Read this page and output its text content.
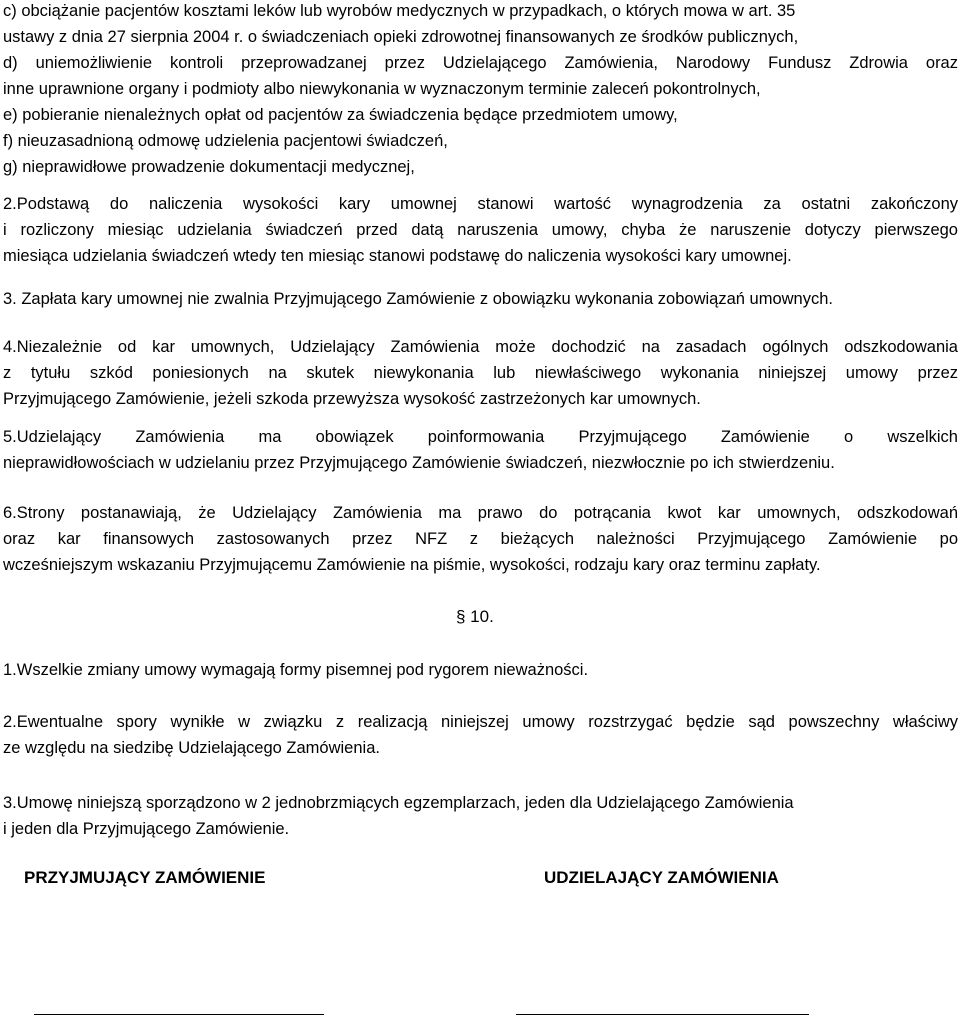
c) obciążanie pacjentów kosztami leków lub wyrobów medycznych w przypadkach, o których mowa w art. 35
ustawy z dnia 27 sierpnia 2004 r. o świadczeniach opieki zdrowotnej finansowanych ze środków publicznych,
d) uniemożliwienie kontroli przeprowadzanej przez Udzielającego Zamówienia, Narodowy Fundusz Zdrowia oraz
inne uprawnione organy i podmioty albo niewykonania w wyznaczonym terminie zaleceń pokontrolnych,
e) pobieranie nienależnych opłat od pacjentów za świadczenia będące przedmiotem umowy,
f) nieuzasadnioną odmowę udzielenia pacjentowi świadczeń,
g) nieprawidłowe prowadzenie dokumentacji medycznej,
2.Podstawą do naliczenia wysokości kary umownej stanowi wartość wynagrodzenia za ostatni zakończony
i rozliczony miesiąc udzielania świadczeń przed datą naruszenia umowy, chyba że naruszenie dotyczy pierwszego
miesiąca udzielania świadczeń wtedy ten miesiąc stanowi podstawę do naliczenia wysokości kary umownej.
3. Zapłata kary umownej nie zwalnia Przyjmującego Zamówienie z obowiązku wykonania zobowiązań umownych.
4.Niezależnie od kar umownych, Udzielający Zamówienia może dochodzić na zasadach ogólnych odszkodowania
z tytułu szkód poniesionych na skutek niewykonania lub niewłaściwego wykonania niniejszej umowy przez
Przyjmującego Zamówienie, jeżeli szkoda przewyższa wysokość zastrzeżonych kar umownych.
5.Udzielający Zamówienia ma obowiązek poinformowania Przyjmującego Zamówienie o wszelkich
nieprawidłowościach w udzielaniu przez Przyjmującego Zamówienie świadczeń, niezwłocznie po ich stwierdzeniu.
6.Strony postanawiają, że Udzielający Zamówienia ma prawo do potrącania kwot kar umownych, odszkodowań
oraz kar finansowych zastosowanych przez NFZ z bieżących należności Przyjmującego Zamówienie po
wcześniejszym wskazaniu Przyjmującemu Zamówienie na piśmie, wysokości, rodzaju kary oraz terminu zapłaty.
§ 10.
1.Wszelkie zmiany umowy wymagają formy pisemnej pod rygorem nieważności.
2.Ewentualne spory wynikłe w związku z realizacją niniejszej umowy rozstrzygać będzie sąd powszechny właściwy
ze względu na siedzibę Udzielającego Zamówienia.
3.Umowę niniejszą sporządzono w 2 jednobrzmiących egzemplarzach, jeden dla Udzielającego Zamówienia
i jeden dla Przyjmującego Zamówienie.
PRZYJMUJĄCY ZAMÓWIENIE	UDZIELAJĄCY ZAMÓWIENIA
